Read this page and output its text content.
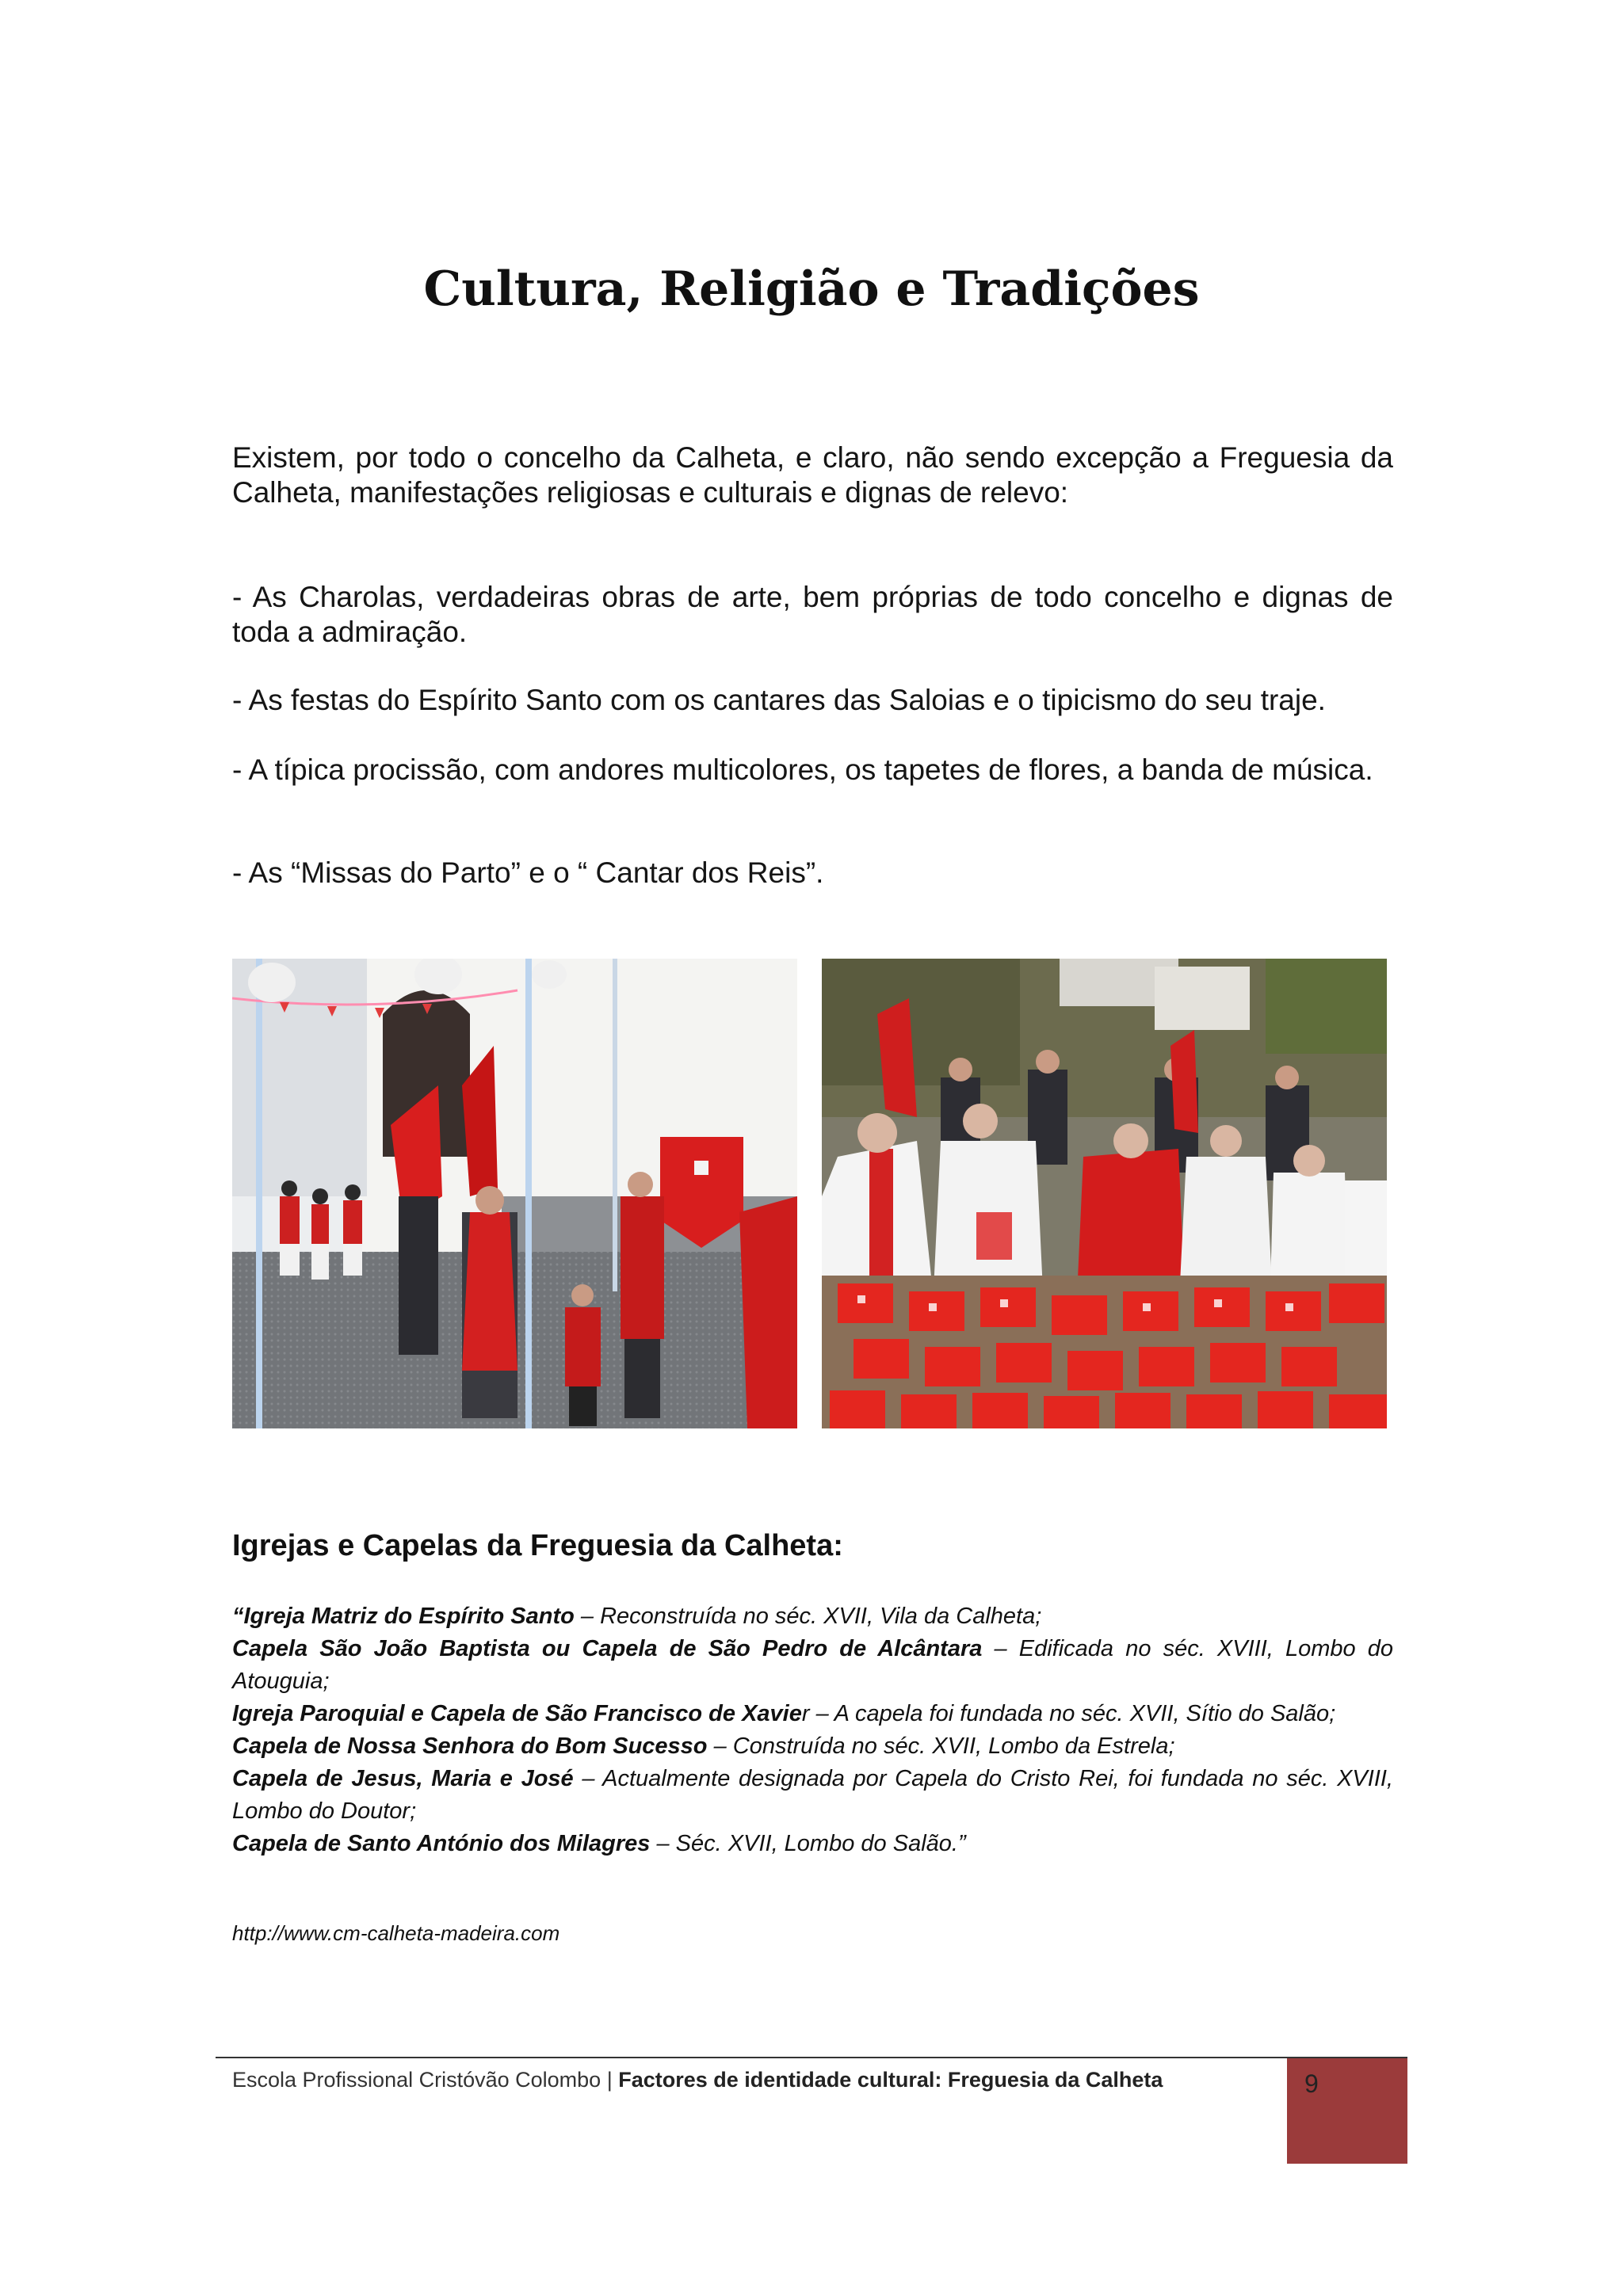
Cultura, Religião e Tradições

Existem, por todo o concelho da Calheta, e claro, não sendo excepção a Freguesia da Calheta, manifestações religiosas e culturais e dignas de relevo:

- As Charolas, verdadeiras obras de arte, bem próprias de todo concelho e dignas de toda a admiração.

- As festas do Espírito Santo com os cantares das Saloias e o tipicismo do seu traje.

- A típica procissão, com andores multicolores, os tapetes de flores, a banda de música.

- As “Missas do Parto” e o “ Cantar dos Reis”.

Igrejas e Capelas da Freguesia da Calheta:

“Igreja Matriz do Espírito Santo – Reconstruída no séc. XVII, Vila da Calheta;

Capela São João Baptista ou Capela de São Pedro de Alcântara – Edificada no séc. XVIII, Lombo do Atouguia;

Igreja Paroquial e Capela de São Francisco de Xavier – A capela foi fundada no séc. XVII, Sítio do Salão;

Capela de Nossa Senhora do Bom Sucesso – Construída no séc. XVII, Lombo da Estrela;

Capela de Jesus, Maria e José – Actualmente designada por Capela do Cristo Rei, foi fundada no séc. XVIII, Lombo do Doutor;

Capela de Santo António dos Milagres – Séc. XVII, Lombo do Salão.”

http://www.cm-calheta-madeira.com

Escola Profissional Cristóvão Colombo | Factores de identidade cultural: Freguesia da Calheta	9
